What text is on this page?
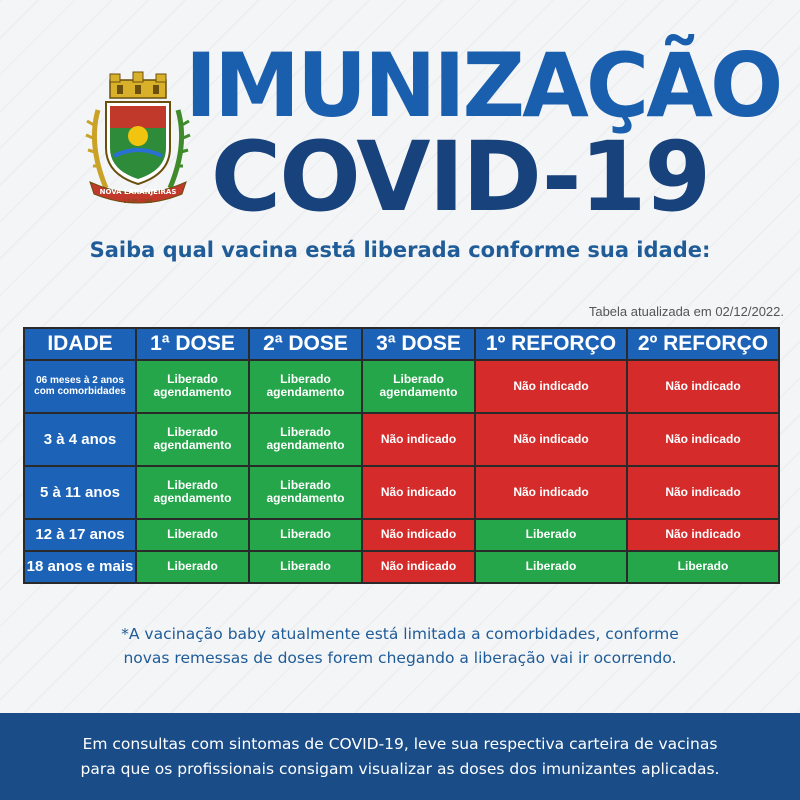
NOVA LARANJEIRAS
13-05-1990
IMUNIZAÇÃO
COVID-19
Saiba qual vacina está liberada conforme sua idade:
Tabela atualizada em 02/12/2022.
IDADE	1ª DOSE	2ª DOSE	3ª DOSE	1º REFORÇO	2º REFORÇO
06 meses à 2 anos com comorbidades	Liberado agendamento	Liberado agendamento	Liberado agendamento	Não indicado	Não indicado
3 à 4 anos	Liberado agendamento	Liberado agendamento	Não indicado	Não indicado	Não indicado
5 à 11 anos	Liberado agendamento	Liberado agendamento	Não indicado	Não indicado	Não indicado
12 à 17 anos	Liberado	Liberado	Não indicado	Liberado	Não indicado
18 anos e mais	Liberado	Liberado	Não indicado	Liberado	Liberado
*A vacinação baby atualmente está limitada a comorbidades, conforme
novas remessas de doses forem chegando a liberação vai ir ocorrendo.
Em consultas com sintomas de COVID-19, leve sua respectiva carteira de vacinas
para que os profissionais consigam visualizar as doses dos imunizantes aplicadas.
